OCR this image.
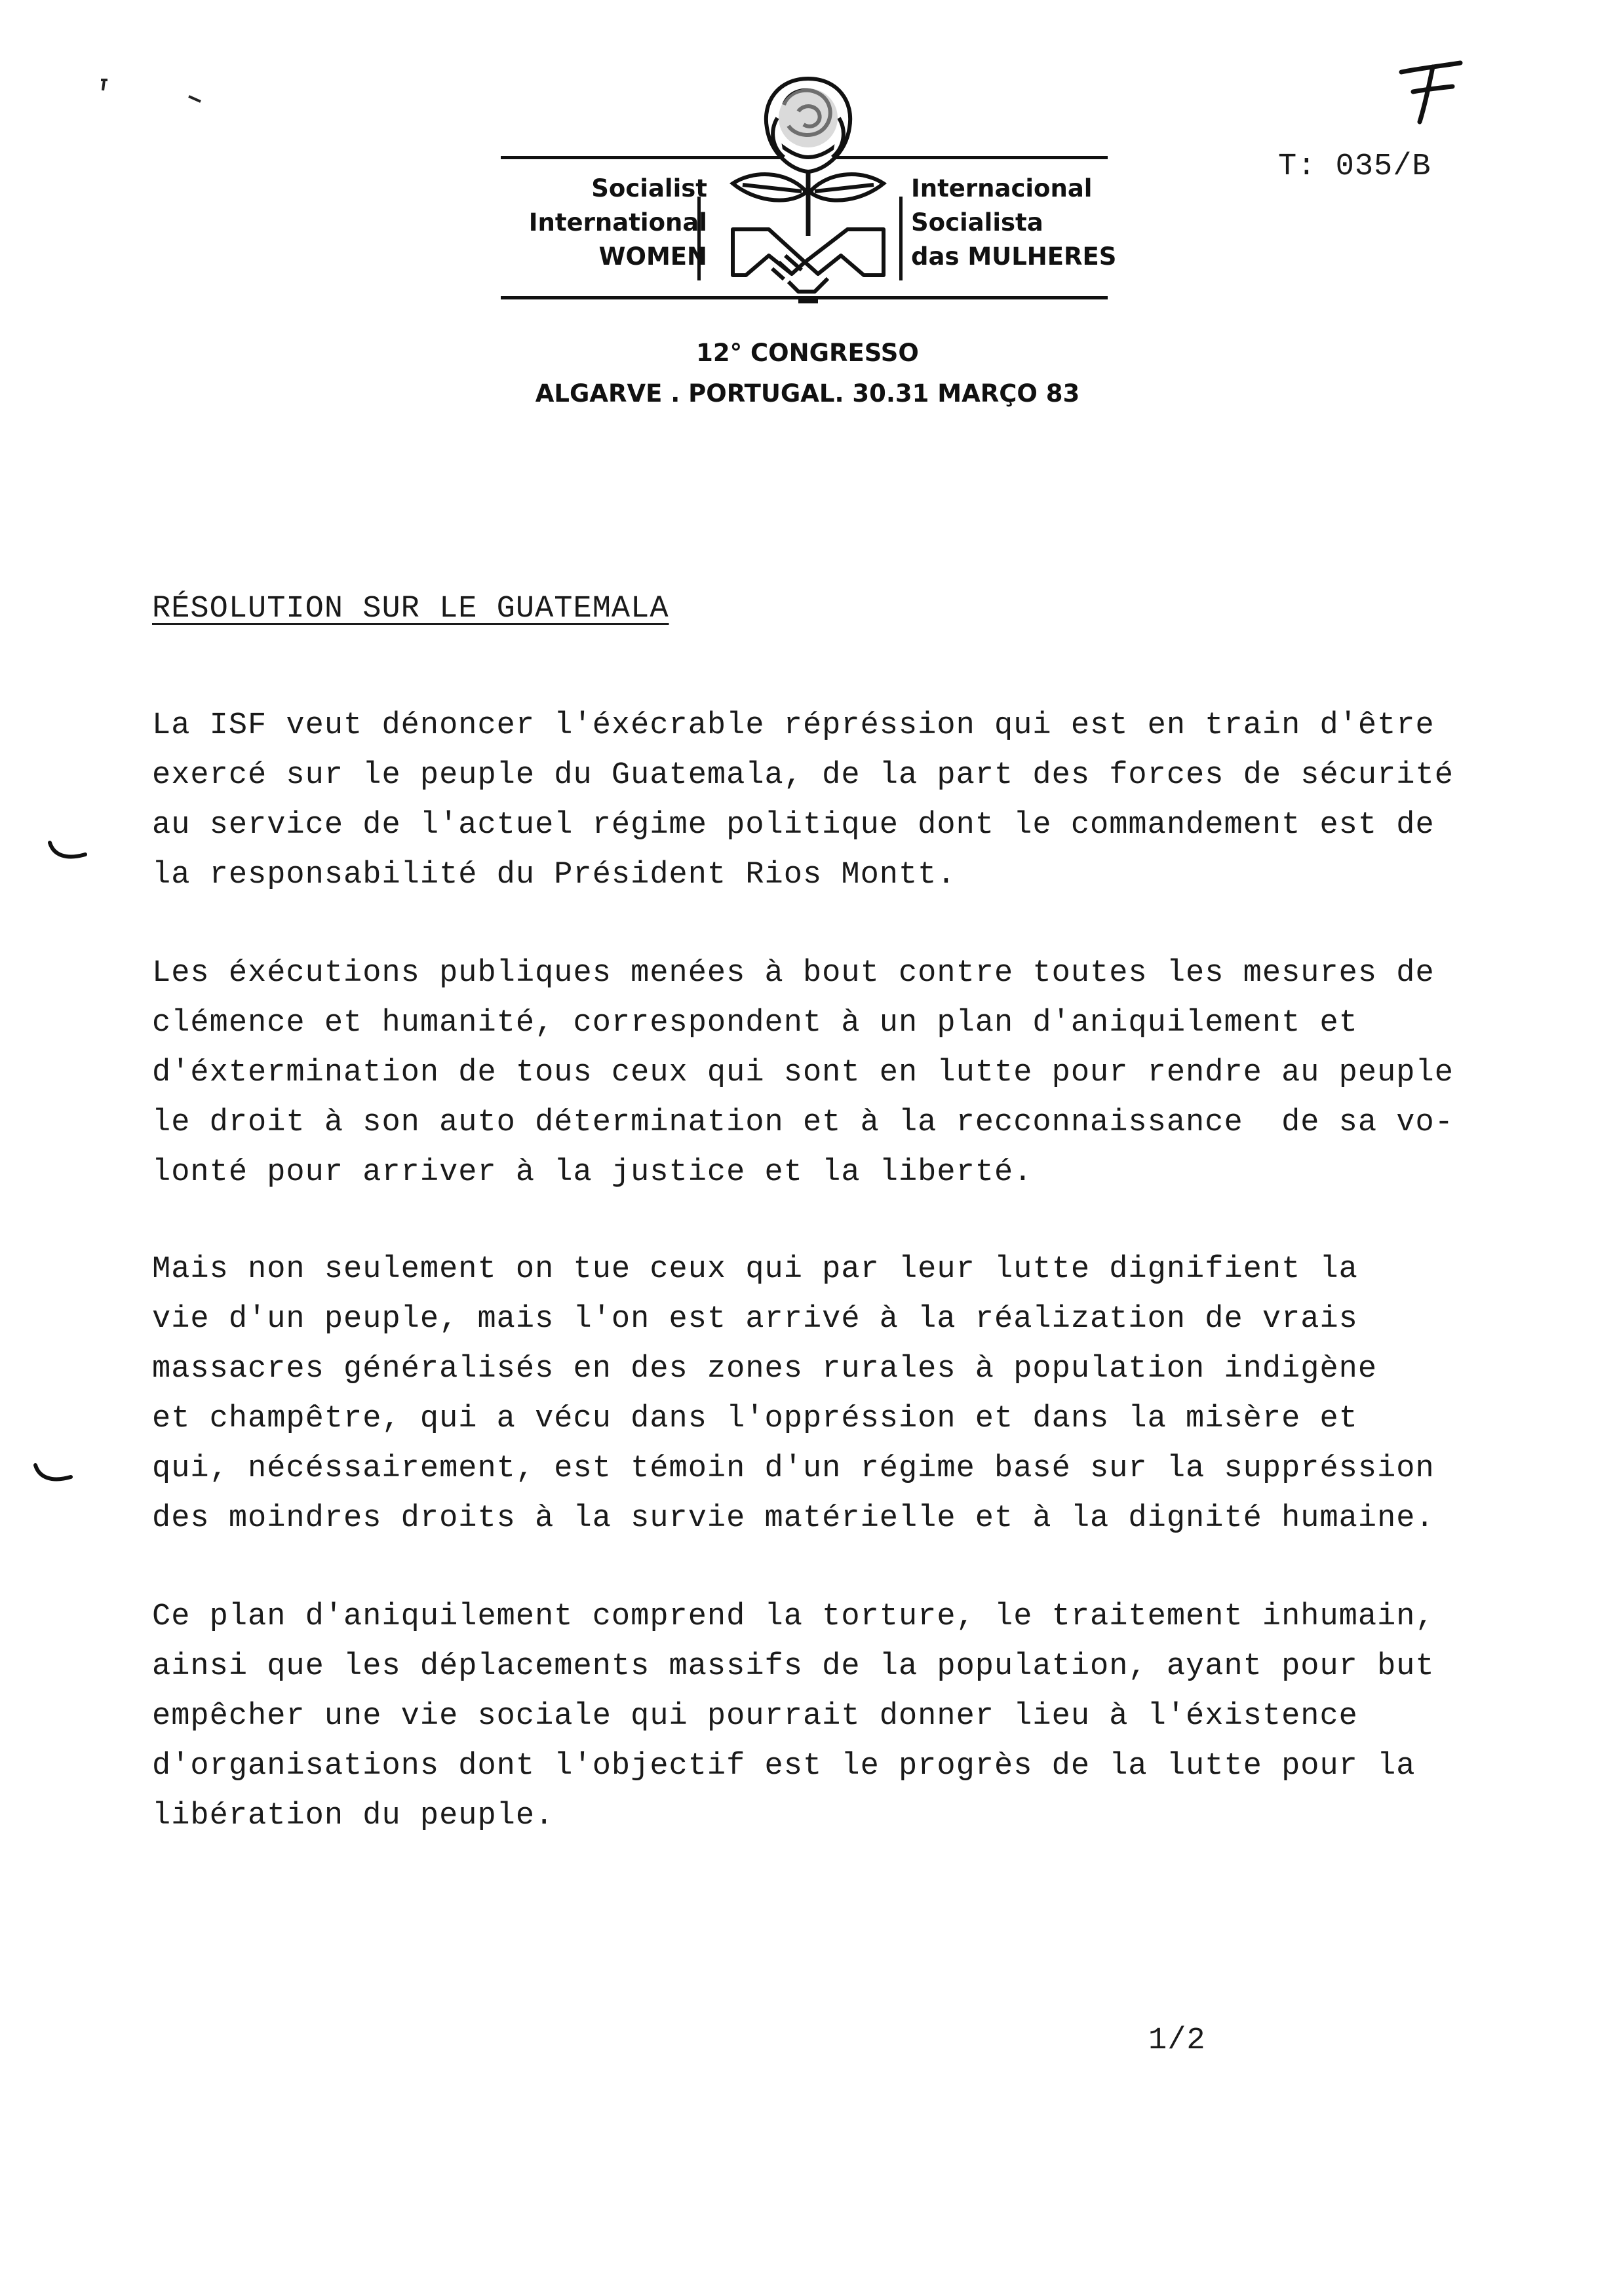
Socialist
International
WOMEN
Internacional
Socialista
das MULHERES
12° CONGRESSO
ALGARVE . PORTUGAL. 30.31 MARÇO 83
T: 035/B
RÉSOLUTION SUR LE GUATEMALA
La ISF veut dénoncer l'éxécrable répréssion qui est en train d'être
exercé sur le peuple du Guatemala, de la part des forces de sécurité
au service de l'actuel régime politique dont le commandement est de
la responsabilité du Président Rios Montt.
Les éxécutions publiques menées à bout contre toutes les mesures de
clémence et humanité, correspondent à un plan d'aniquilement et
d'éxtermination de tous ceux qui sont en lutte pour rendre au peuple
le droit à son auto détermination et à la recconnaissance  de sa vo-
lonté pour arriver à la justice et la liberté.
Mais non seulement on tue ceux qui par leur lutte dignifient la
vie d'un peuple, mais l'on est arrivé à la réalization de vrais
massacres généralisés en des zones rurales à population indigène
et champêtre, qui a vécu dans l'oppréssion et dans la misère et
qui, nécéssairement, est témoin d'un régime basé sur la suppréssion
des moindres droits à la survie matérielle et à la dignité humaine.
Ce plan d'aniquilement comprend la torture, le traitement inhumain,
ainsi que les déplacements massifs de la population, ayant pour but
empêcher une vie sociale qui pourrait donner lieu à l'éxistence
d'organisations dont l'objectif est le progrès de la lutte pour la
libération du peuple.
1/2
